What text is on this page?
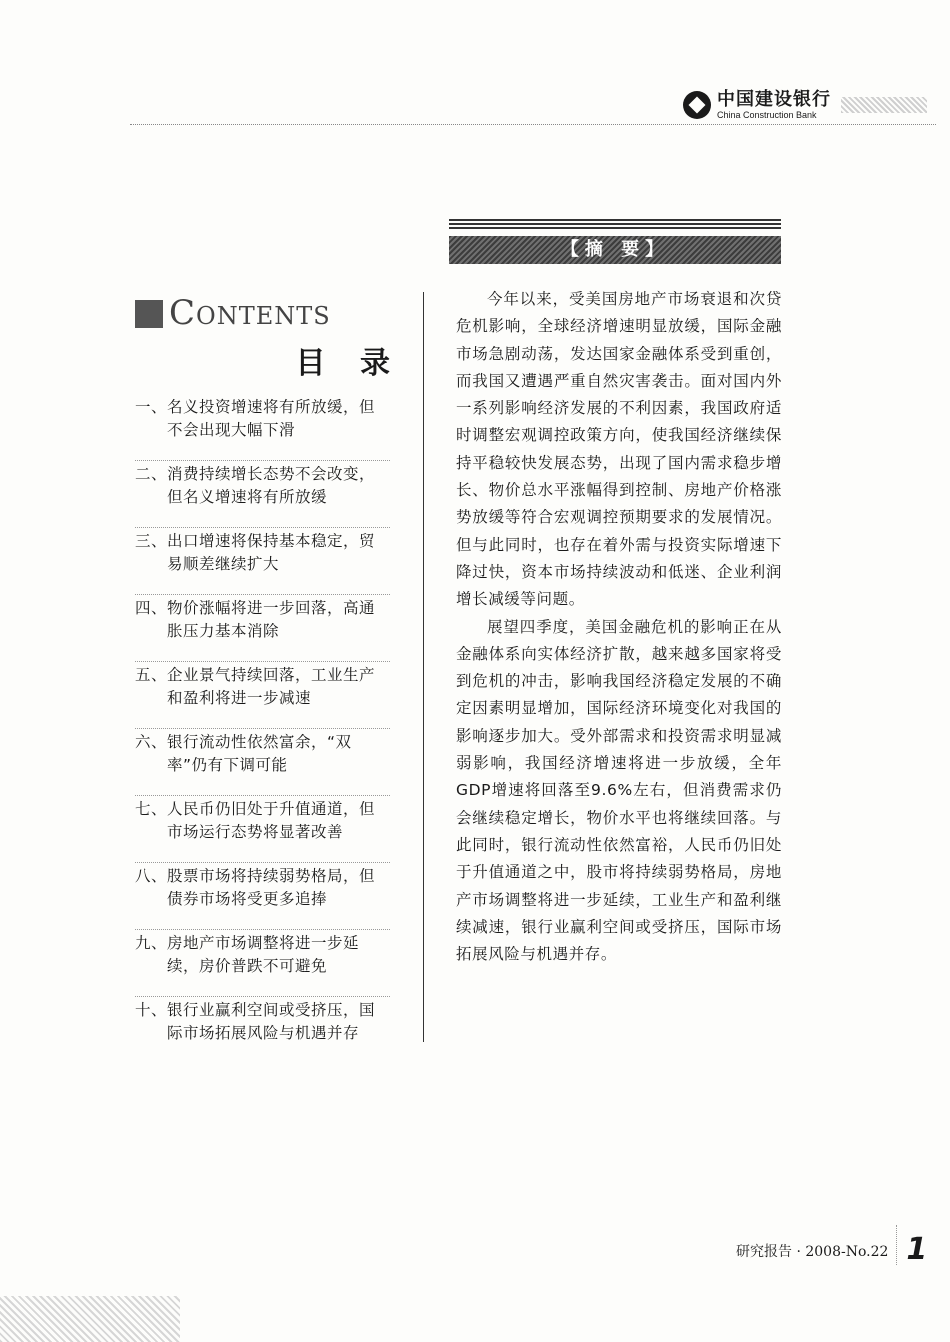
中国建设银行
China Construction Bank
Contents
目 录
一、 名义投资增速将有所放缓，但不会出现大幅下滑
二、 消费持续增长态势不会改变，但名义增速将有所放缓
三、 出口增速将保持基本稳定，贸易顺差继续扩大
四、 物价涨幅将进一步回落，高通胀压力基本消除
五、 企业景气持续回落，工业生产和盈利将进一步减速
六、 银行流动性依然富余，“双率”仍有下调可能
七、 人民币仍旧处于升值通道，但市场运行态势将显著改善
八、 股票市场将持续弱势格局，但债券市场将受更多追捧
九、 房地产市场调整将进一步延续，房价普跌不可避免
十、 银行业赢利空间或受挤压，国际市场拓展风险与机遇并存
【摘 要】

今年以来，受美国房地产市场衰退和次贷危机影响，全球经济增速明显放缓，国际金融市场急剧动荡，发达国家金融体系受到重创，而我国又遭遇严重自然灾害袭击。面对国内外一系列影响经济发展的不利因素，我国政府适时调整宏观调控政策方向，使我国经济继续保持平稳较快发展态势，出现了国内需求稳步增长、物价总水平涨幅得到控制、房地产价格涨势放缓等符合宏观调控预期要求的发展情况。但与此同时，也存在着外需与投资实际增速下降过快，资本市场持续波动和低迷、企业利润增长减缓等问题。

展望四季度，美国金融危机的影响正在从金融体系向实体经济扩散，越来越多国家将受到危机的冲击，影响我国经济稳定发展的不确定因素明显增加，国际经济环境变化对我国的影响逐步加大。受外部需求和投资需求明显减弱影响，我国经济增速将进一步放缓，全年GDP增速将回落至9.6%左右，但消费需求仍会继续稳定增长，物价水平也将继续回落。与此同时，银行流动性依然富裕，人民币仍旧处于升值通道之中，股市将持续弱势格局，房地产市场调整将进一步延续，工业生产和盈利继续减速，银行业赢利空间或受挤压，国际市场拓展风险与机遇并存。

研究报告 · 2008-No.22 1
